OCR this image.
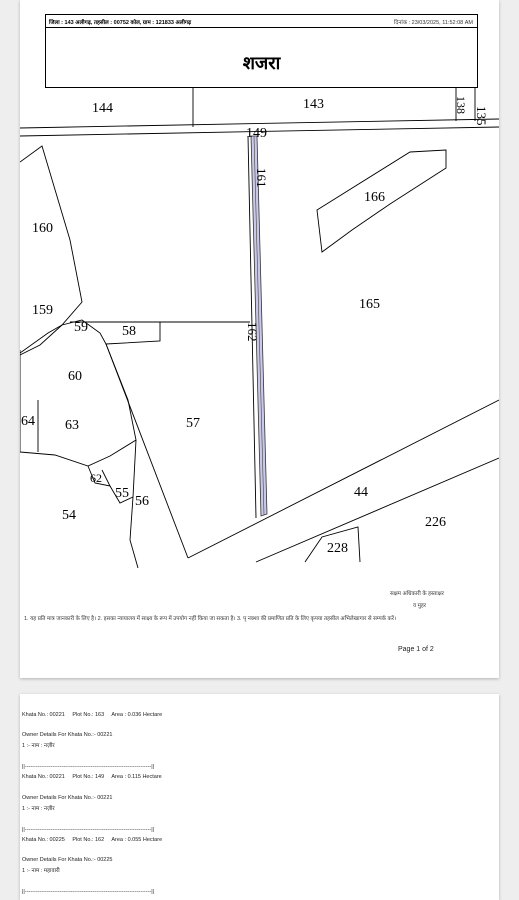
जिला : 143 अलीगढ़, तहसील : 00752 कोल, ग्राम : 121833 अलीगढ़	दिनांक : 23/03/2025, 11:52:08 AM
शजरा
144	143
135
138
149
161
166
160
165
159
59 58	162
60
64 63	57
62
55
56
44
54	226
228
सक्षम अधिकारी के हस्ताक्षर
व मुहर
1. यह प्रति मात्र जानकारी के लिए है। 2. इसका न्यायालय में साक्ष्य के रूप में उपयोग नहीं किया जा सकता है। 3. पृ नक्शा की प्रमाणित प्रति के लिए कृपया तहसील अभिलेखागार से सम्पर्क करें।
Page 1 of 2
Khata No.: 00221 Plot No.: 163 Area : 0.036 Hectare
Owner Details For Khata No.:- 00221
1 :- नाम : नज़ीर
||---------------------------------------------------------------------||
Khata No.: 00221 Plot No.: 149 Area : 0.115 Hectare
Owner Details For Khata No.:- 00221
1 :- नाम : नज़ीर
||---------------------------------------------------------------------||
Khata No.: 00225 Plot No.: 162 Area : 0.055 Hectare
Owner Details For Khata No.:- 00225
1 :- नाम : महावारी
||---------------------------------------------------------------------||
